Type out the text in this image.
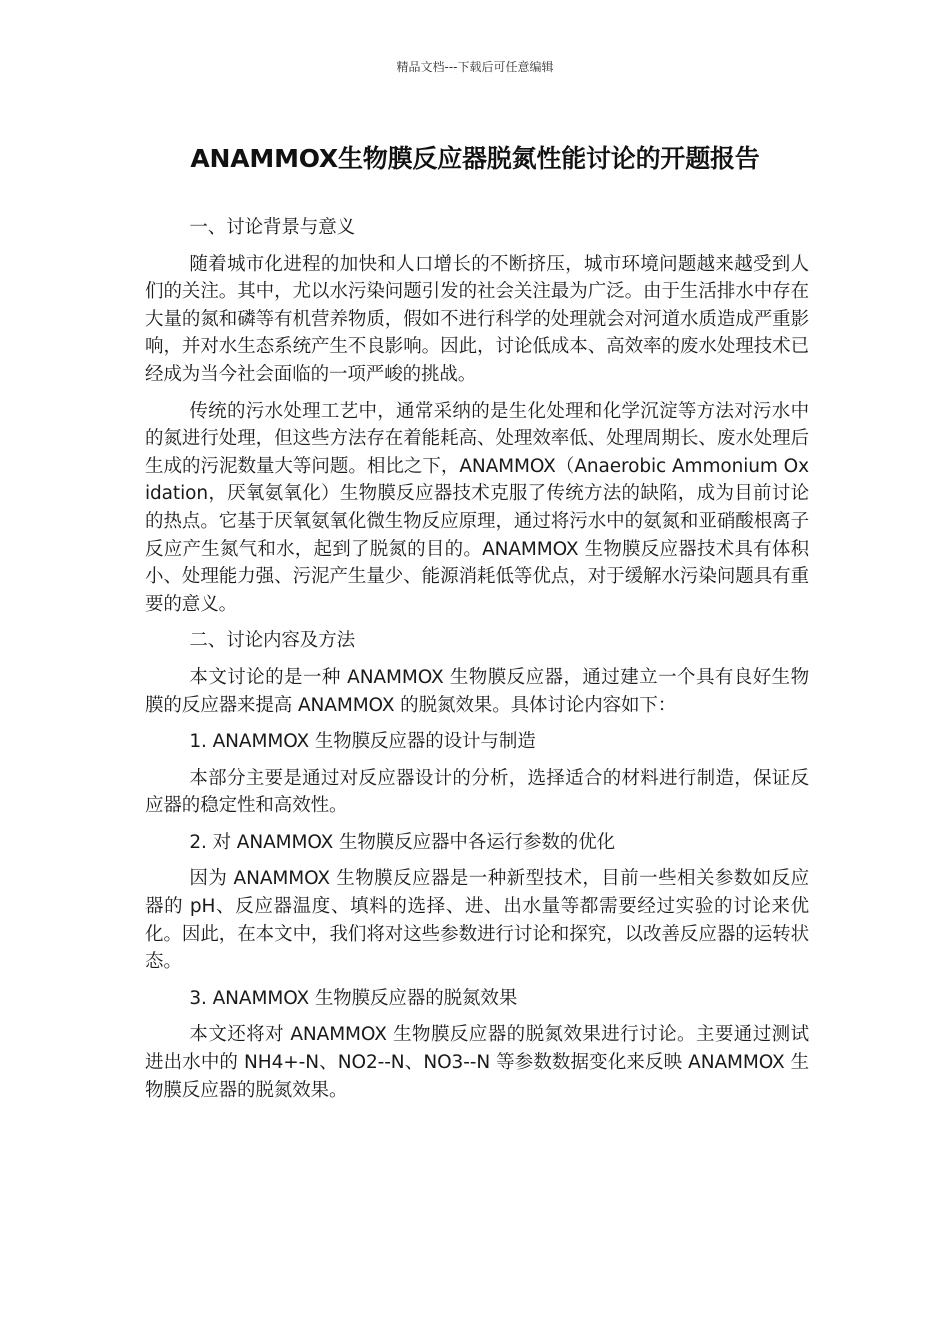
精品文档---下载后可任意编辑
ANAMMOX生物膜反应器脱氮性能讨论的开题报告

一、讨论背景与意义

随着城市化进程的加快和人口增长的不断挤压，城市环境问题越来越受到人们的关注。其中，尤以水污染问题引发的社会关注最为广泛。由于生活排水中存在大量的氮和磷等有机营养物质，假如不进行科学的处理就会对河道水质造成严重影响，并对水生态系统产生不良影响。因此，讨论低成本、高效率的废水处理技术已经成为当今社会面临的一项严峻的挑战。

传统的污水处理工艺中，通常采纳的是生化处理和化学沉淀等方法对污水中的氮进行处理，但这些方法存在着能耗高、处理效率低、处理周期长、废水处理后生成的污泥数量大等问题。相比之下，ANAMMOX（Anaerobic Ammonium Oxidation，厌氧氨氧化）生物膜反应器技术克服了传统方法的缺陷，成为目前讨论的热点。它基于厌氧氨氧化微生物反应原理，通过将污水中的氨氮和亚硝酸根离子反应产生氮气和水，起到了脱氮的目的。ANAMMOX 生物膜反应器技术具有体积小、处理能力强、污泥产生量少、能源消耗低等优点，对于缓解水污染问题具有重要的意义。

二、讨论内容及方法

本文讨论的是一种 ANAMMOX 生物膜反应器，通过建立一个具有良好生物膜的反应器来提高 ANAMMOX 的脱氮效果。具体讨论内容如下：

1. ANAMMOX 生物膜反应器的设计与制造

本部分主要是通过对反应器设计的分析，选择适合的材料进行制造，保证反应器的稳定性和高效性。

2. 对 ANAMMOX 生物膜反应器中各运行参数的优化

因为 ANAMMOX 生物膜反应器是一种新型技术，目前一些相关参数如反应器的 pH、反应器温度、填料的选择、进、出水量等都需要经过实验的讨论来优化。因此，在本文中，我们将对这些参数进行讨论和探究，以改善反应器的运转状态。

3. ANAMMOX 生物膜反应器的脱氮效果

本文还将对 ANAMMOX 生物膜反应器的脱氮效果进行讨论。主要通过测试进出水中的 NH4+-N、NO2--N、NO3--N 等参数数据变化来反映 ANAMMOX 生物膜反应器的脱氮效果。
